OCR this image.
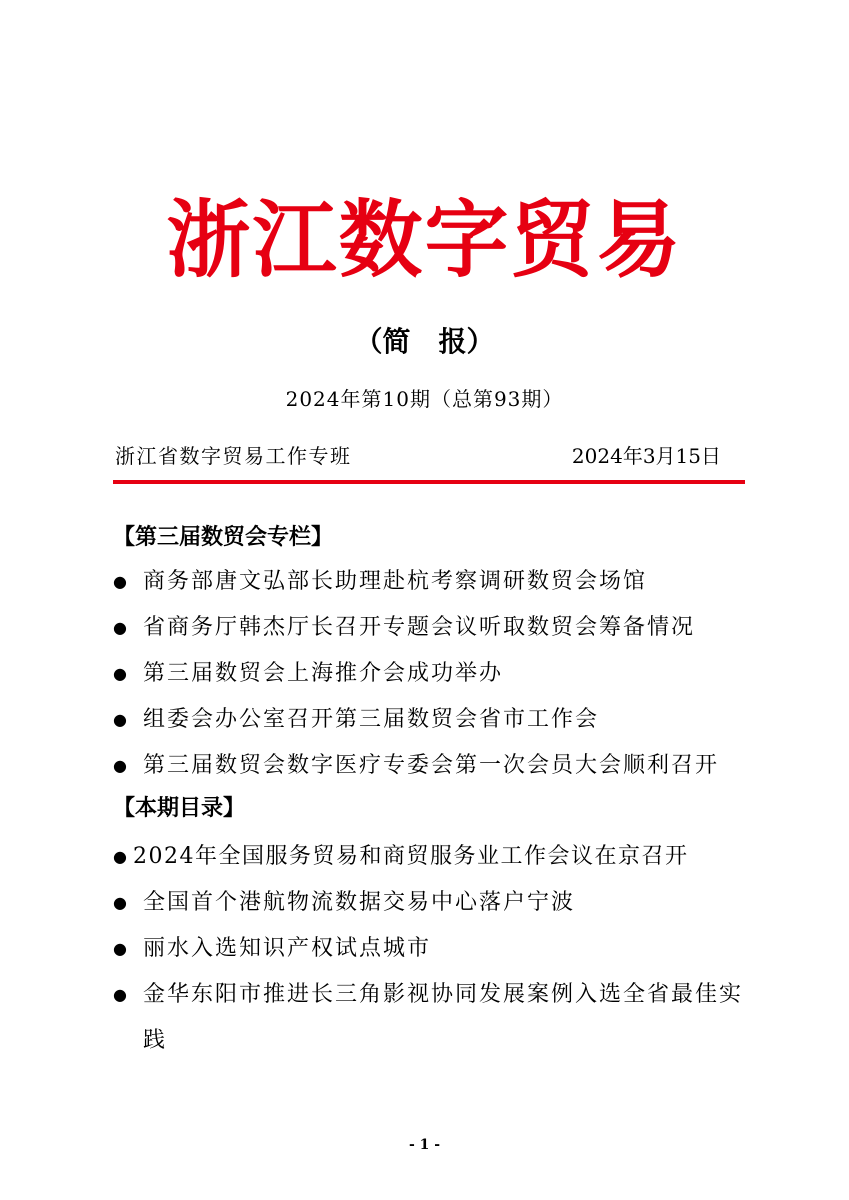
浙江数字贸易
（简　报）
2024年第10期（总第93期）
浙江省数字贸易工作专班	2024年3月15日
【第三届数贸会专栏】
● 商务部唐文弘部长助理赴杭考察调研数贸会场馆
● 省商务厅韩杰厅长召开专题会议听取数贸会筹备情况
● 第三届数贸会上海推介会成功举办
● 组委会办公室召开第三届数贸会省市工作会
● 第三届数贸会数字医疗专委会第一次会员大会顺利召开
【本期目录】
● 2024年全国服务贸易和商贸服务业工作会议在京召开
● 全国首个港航物流数据交易中心落户宁波
● 丽水入选知识产权试点城市
● 金华东阳市推进长三角影视协同发展案例入选全省最佳实践
- 1 -
